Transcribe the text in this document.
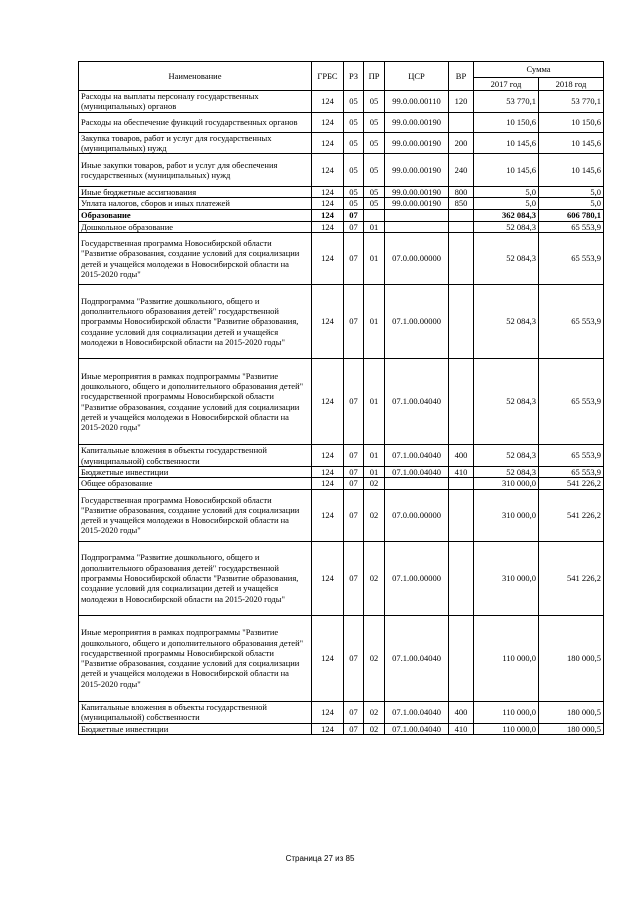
Наименование	ГРБС	РЗ	ПР	ЦСР	ВР	Сумма	
						2017 год	2018 год
Расходы на выплаты персоналу государственных (муниципальных) органов	124	05	05	99.0.00.00110	120	53 770,1	53 770,1
Расходы на обеспечение функций государственных органов	124	05	05	99.0.00.00190		10 150,6	10 150,6
Закупка товаров, работ и услуг для государственных (муниципальных) нужд	124	05	05	99.0.00.00190	200	10 145,6	10 145,6
Иные закупки товаров, работ и услуг для обеспечения государственных (муниципальных) нужд	124	05	05	99.0.00.00190	240	10 145,6	10 145,6
Иные бюджетные ассигнования	124	05	05	99.0.00.00190	800	5,0	5,0
Уплата налогов, сборов и иных платежей	124	05	05	99.0.00.00190	850	5,0	5,0
Образование	124	07				362 084,3	606 780,1
Дошкольное образование	124	07	01			52 084,3	65 553,9
Государственная программа Новосибирской области "Развитие образования, создание условий для социализации детей и учащейся молодежи в Новосибирской области на 2015-2020 годы"	124	07	01	07.0.00.00000		52 084,3	65 553,9
Подпрограмма "Развитие дошкольного, общего и дополнительного образования детей" государственной программы Новосибирской области "Развитие образования, создание условий для социализации детей и учащейся молодежи в Новосибирской области на 2015-2020 годы"	124	07	01	07.1.00.00000		52 084,3	65 553,9
Иные мероприятия в рамках подпрограммы "Развитие дошкольного, общего и дополнительного образования детей" государственной программы Новосибирской области "Развитие образования, создание условий для социализации детей и учащейся молодежи в Новосибирской области на 2015-2020 годы"	124	07	01	07.1.00.04040		52 084,3	65 553,9
Капитальные вложения в объекты государственной (муниципальной) собственности	124	07	01	07.1.00.04040	400	52 084,3	65 553,9
Бюджетные инвестиции	124	07	01	07.1.00.04040	410	52 084,3	65 553,9
Общее образование	124	07	02			310 000,0	541 226,2
Государственная программа Новосибирской области "Развитие образования, создание условий для социализации детей и учащейся молодежи в Новосибирской области на 2015-2020 годы"	124	07	02	07.0.00.00000		310 000,0	541 226,2
Подпрограмма "Развитие дошкольного, общего и дополнительного образования детей" государственной программы Новосибирской области "Развитие образования, создание условий для социализации детей и учащейся молодежи в Новосибирской области на 2015-2020 годы"	124	07	02	07.1.00.00000		310 000,0	541 226,2
Иные мероприятия в рамках подпрограммы "Развитие дошкольного, общего и дополнительного образования детей" государственной программы Новосибирской области "Развитие образования, создание условий для социализации детей и учащейся молодежи в Новосибирской области на 2015-2020 годы"	124	07	02	07.1.00.04040		110 000,0	180 000,5
Капитальные вложения в объекты государственной (муниципальной) собственности	124	07	02	07.1.00.04040	400	110 000,0	180 000,5
Бюджетные инвестиции	124	07	02	07.1.00.04040	410	110 000,0	180 000,5
Страница 27 из 85
